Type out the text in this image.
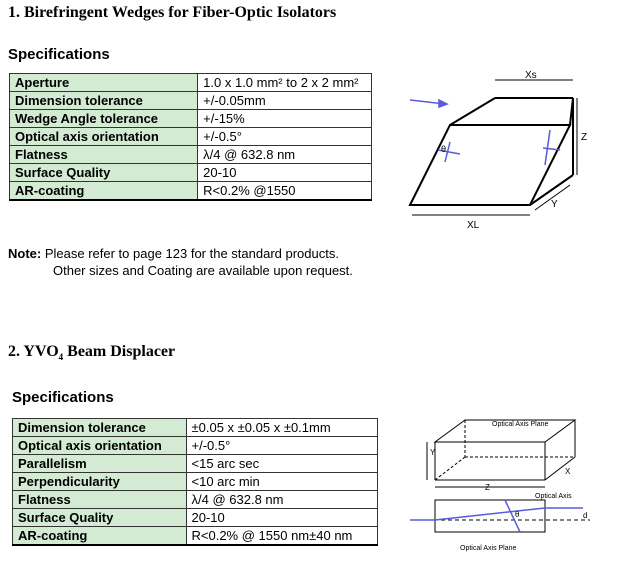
1. Birefringent Wedges for Fiber-Optic Isolators
Specifications
Aperture	1.0 x 1.0 mm² to 2 x 2 mm²
Dimension tolerance	+/-0.05mm
Wedge Angle tolerance	+/-15%
Optical axis orientation	+/-0.5°
Flatness	λ/4 @ 632.8 nm
Surface Quality	20-10
AR-coating	R<0.2% @1550
Note: Please refer to page 123 for the standard products.
Other sizes and Coating are available upon request.
Xs
Z
Y
XL
θ
2. $YVO_4$ Beam Displacer
Specifications
Dimension tolerance	±0.05 x ±0.05 x ±0.1mm
Optical axis orientation	+/-0.5°
Parallelism	<15 arc sec
Perpendicularity	<10 arc min
Flatness	λ/4 @ 632.8 nm
Surface Quality	20-10
AR-coating	R<0.2% @ 1550 nm±40 nm
Optical Axis Plane
Optical Axis
Optical Axis Plane
Y
Z
X
d
θ
